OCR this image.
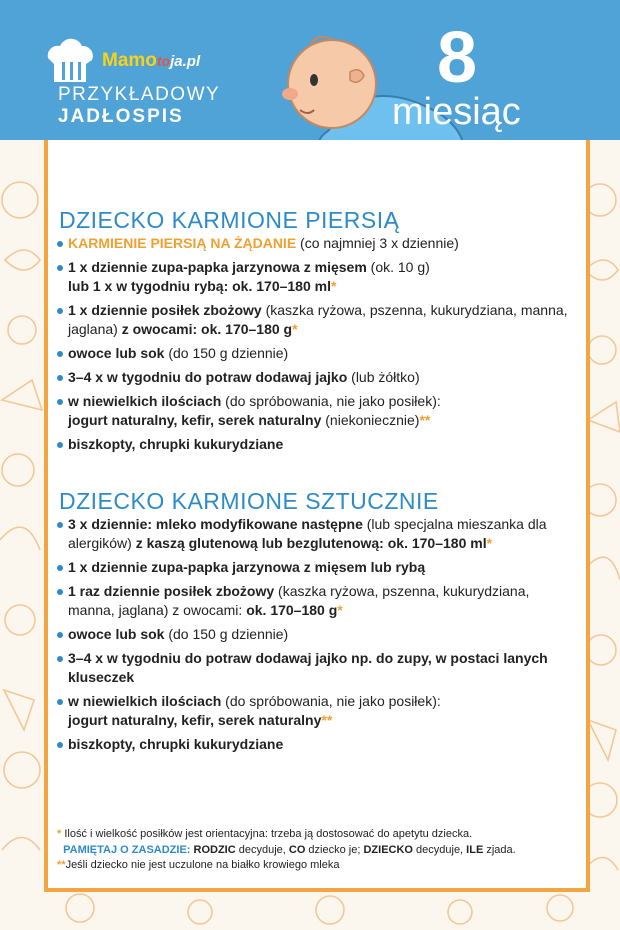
Mamotoja.pl
PRZYKŁADOWY
JADŁOSPIS
8
miesiąc
DZIECKO KARMIONE PIERSIĄ
KARMIENIE PIERSIĄ NA ŻĄDANIE (co najmniej 3 x dziennie)
1 x dziennie zupa-papka jarzynowa z mięsem (ok. 10 g)
lub 1 x w tygodniu rybą: ok. 170–180 ml*
1 x dziennie posiłek zbożowy (kaszka ryżowa, pszenna, kukurydziana, manna, jaglana) z owocami: ok. 170–180 g*
owoce lub sok (do 150 g dziennie)
3–4 x w tygodniu do potraw dodawaj jajko (lub żółtko)
w niewielkich ilościach (do spróbowania, nie jako posiłek):
jogurt naturalny, kefir, serek naturalny (niekoniecznie)**
biszkopty, chrupki kukurydziane
DZIECKO KARMIONE SZTUCZNIE
3 x dziennie: mleko modyfikowane następne (lub specjalna mieszanka dla alergików) z kaszą glutenową lub bezglutenową: ok. 170–180 ml*
1 x dziennie zupa-papka jarzynowa z mięsem lub rybą
1 raz dziennie posiłek zbożowy (kaszka ryżowa, pszenna, kukurydziana, manna, jaglana) z owocami: ok. 170–180 g*
owoce lub sok (do 150 g dziennie)
3–4 x w tygodniu do potraw dodawaj jajko np. do zupy, w postaci lanych kluseczek
w niewielkich ilościach (do spróbowania, nie jako posiłek):
jogurt naturalny, kefir, serek naturalny**
biszkopty, chrupki kukurydziane

* Ilość i wielkość posiłków jest orientacyjna: trzeba ją dostosować do apetytu dziecka.

PAMIĘTAJ O ZASADZIE: RODZIC decyduje, CO dziecko je; DZIECKO decyduje, ILE zjada.

**Jeśli dziecko nie jest uczulone na białko krowiego mleka
